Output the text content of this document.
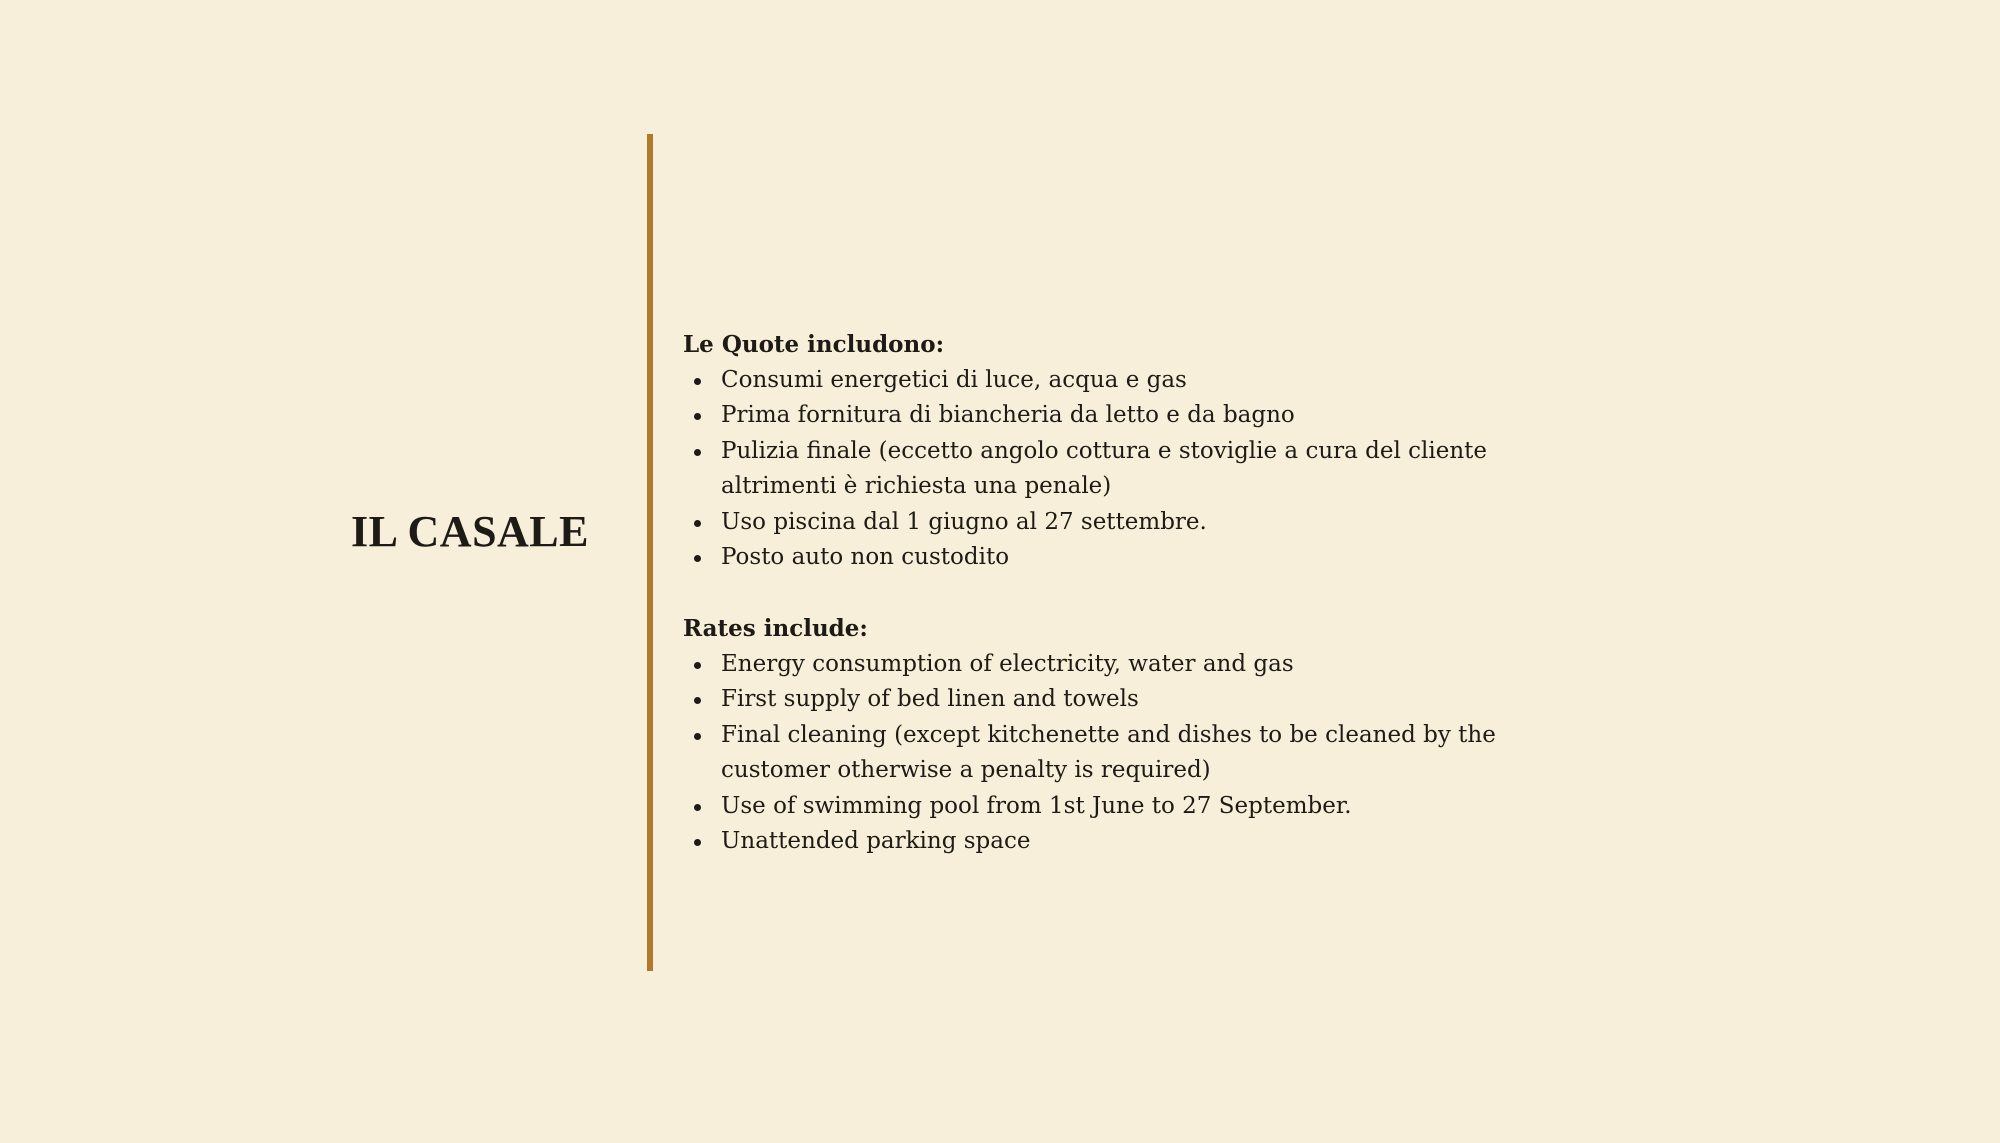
IL CASALE

Le Quote includono:

Consumi energetici di luce, acqua e gas
Prima fornitura di biancheria da letto e da bagno
Pulizia finale (eccetto angolo cottura e stoviglie a cura del cliente altrimenti è richiesta una penale)
Uso piscina dal 1 giugno al 27 settembre.
Posto auto non custodito

Rates include:

Energy consumption of electricity, water and gas
First supply of bed linen and towels
Final cleaning (except kitchenette and dishes to be cleaned by the customer otherwise a penalty is required)
Use of swimming pool from 1st June to 27 September.
Unattended parking space
